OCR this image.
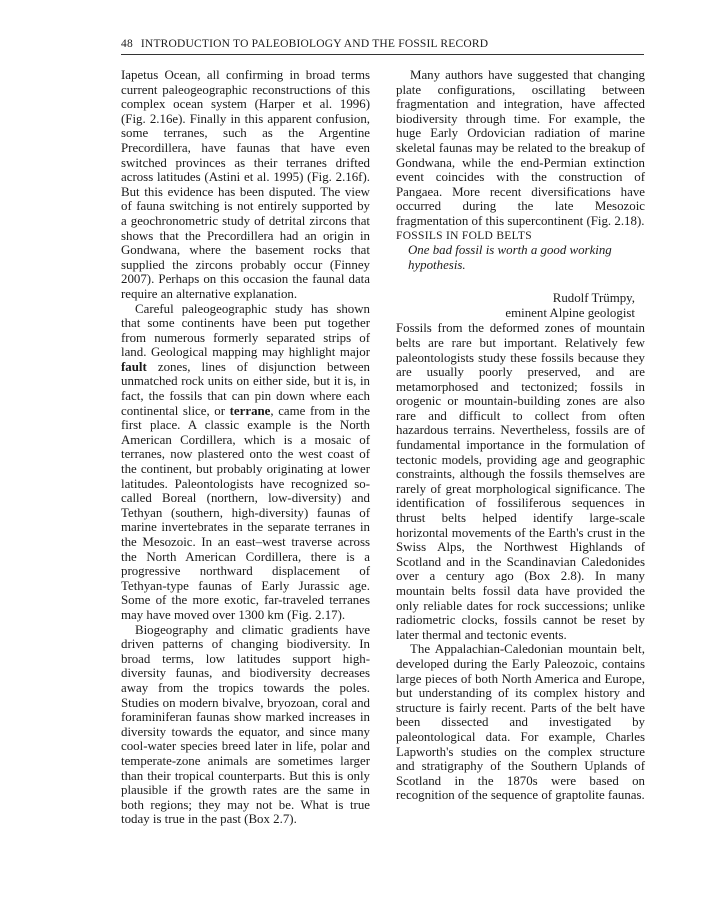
48 INTRODUCTION TO PALEOBIOLOGY AND THE FOSSIL RECORD

Iapetus Ocean, all confirming in broad terms current paleogeographic reconstructions of this complex ocean system (Harper et al. 1996) (Fig. 2.16e). Finally in this apparent confusion, some terranes, such as the Argentine Precordillera, have faunas that have even switched provinces as their terranes drifted across latitudes (Astini et al. 1995) (Fig. 2.16f). But this evidence has been disputed. The view of fauna switching is not entirely supported by a geochronometric study of detrital zircons that shows that the Precordillera had an origin in Gondwana, where the basement rocks that supplied the zircons probably occur (Finney 2007). Perhaps on this occasion the faunal data require an alternative explanation.

Careful paleogeographic study has shown that some continents have been put together from numerous formerly separated strips of land. Geological mapping may highlight major fault zones, lines of disjunction between unmatched rock units on either side, but it is, in fact, the fossils that can pin down where each continental slice, or terrane, came from in the first place. A classic example is the North American Cordillera, which is a mosaic of terranes, now plastered onto the west coast of the continent, but probably originating at lower latitudes. Paleontologists have recognized so-called Boreal (northern, low-diversity) and Tethyan (southern, high-diversity) faunas of marine invertebrates in the separate terranes in the Mesozoic. In an east–west traverse across the North American Cordillera, there is a progressive northward displacement of Tethyan-type faunas of Early Jurassic age. Some of the more exotic, far-traveled terranes may have moved over 1300 km (Fig. 2.17).

Biogeography and climatic gradients have driven patterns of changing biodiversity. In broad terms, low latitudes support high-diversity faunas, and biodiversity decreases away from the tropics towards the poles. Studies on modern bivalve, bryozoan, coral and foraminiferan faunas show marked increases in diversity towards the equator, and since many cool-water species breed later in life, polar and temperate-zone animals are sometimes larger than their tropical counterparts. But this is only plausible if the growth rates are the same in both regions; they may not be. What is true today is true in the past (Box 2.7).

Many authors have suggested that changing plate configurations, oscillating between fragmentation and integration, have affected biodiversity through time. For example, the huge Early Ordovician radiation of marine skeletal faunas may be related to the breakup of Gondwana, while the end-Permian extinction event coincides with the construction of Pangaea. More recent diversifications have occurred during the late Mesozoic fragmentation of this supercontinent (Fig. 2.18).

FOSSILS IN FOLD BELTS

One bad fossil is worth a good working hypothesis.

Rudolf Trümpy,
eminent Alpine geologist

Fossils from the deformed zones of mountain belts are rare but important. Relatively few paleontologists study these fossils because they are usually poorly preserved, and are metamorphosed and tectonized; fossils in orogenic or mountain-building zones are also rare and difficult to collect from often hazardous terrains. Nevertheless, fossils are of fundamental importance in the formulation of tectonic models, providing age and geographic constraints, although the fossils themselves are rarely of great morphological significance. The identification of fossiliferous sequences in thrust belts helped identify large-scale horizontal movements of the Earth's crust in the Swiss Alps, the Northwest Highlands of Scotland and in the Scandinavian Caledonides over a century ago (Box 2.8). In many mountain belts fossil data have provided the only reliable dates for rock successions; unlike radiometric clocks, fossils cannot be reset by later thermal and tectonic events.

The Appalachian-Caledonian mountain belt, developed during the Early Paleozoic, contains large pieces of both North America and Europe, but understanding of its complex history and structure is fairly recent. Parts of the belt have been dissected and investigated by paleontological data. For example, Charles Lapworth's studies on the complex structure and stratigraphy of the Southern Uplands of Scotland in the 1870s were based on recognition of the sequence of graptolite faunas.
